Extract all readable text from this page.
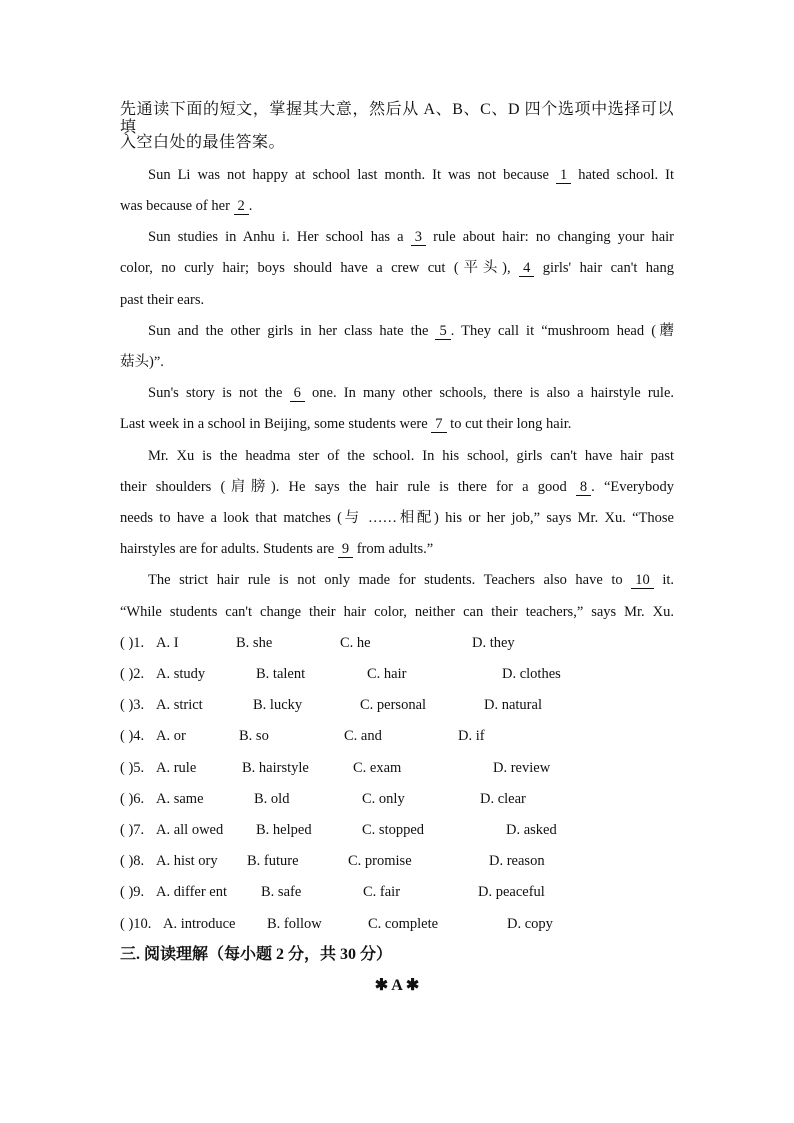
先通读下面的短文，掌握其大意，然后从 A、B、C、D 四个选项中选择可以填
入空白处的最佳答案。
Sun Li was not happy at school last month. It was not because 1 hated school. It
was because of her 2 .
Sun studies in Anhu i. Her school has a 3 rule about hair: no changing your hair
color, no curly hair; boys should have a crew cut (平头), 4 girls' hair can't hang
past their ears.
Sun and the other girls in her class hate the 5 . They call it “mushroom head (蘑
菇头)”.
Sun's story is not the 6 one. In many other schools, there is also a hairstyle rule.
Last week in a school in Beijing, some students were 7 to cut their long hair.
Mr. Xu is the headma ster of the school. In his school, girls can't have hair past
their shoulders (肩膀). He says the hair rule is there for a good 8 . “Everybody
needs to have a look that matches (与 ……相配) his or her job,” says Mr. Xu. “Those
hairstyles are for adults. Students are 9 from adults.”
The strict hair rule is not only made for students. Teachers also have to 10 it.
“While students can't change their hair color, neither can their teachers,” says Mr. Xu.
( )1. A. I	B. she	C. he	D. they
( )2. A. study	B. talent	C. hair	D. clothes
( )3. A. strict	B. lucky	C. personal	D. natural
( )4. A. or	B. so	C. and	D. if
( )5. A. rule	B. hairstyle	C. exam	D. review
( )6. A. same	B. old	C. only	D. clear
( )7. A. all owed B. helped	C. stopped	D. asked
( )8. A. hist ory B. future	C. promise	D. reason
( )9. A. differ ent B. safe	C. fair	D. peaceful
( )10. A. introduce B. follow	C. complete	D. copy
三. 阅读理解（每小题 2 分，共 30 分）
✱ A ✱
